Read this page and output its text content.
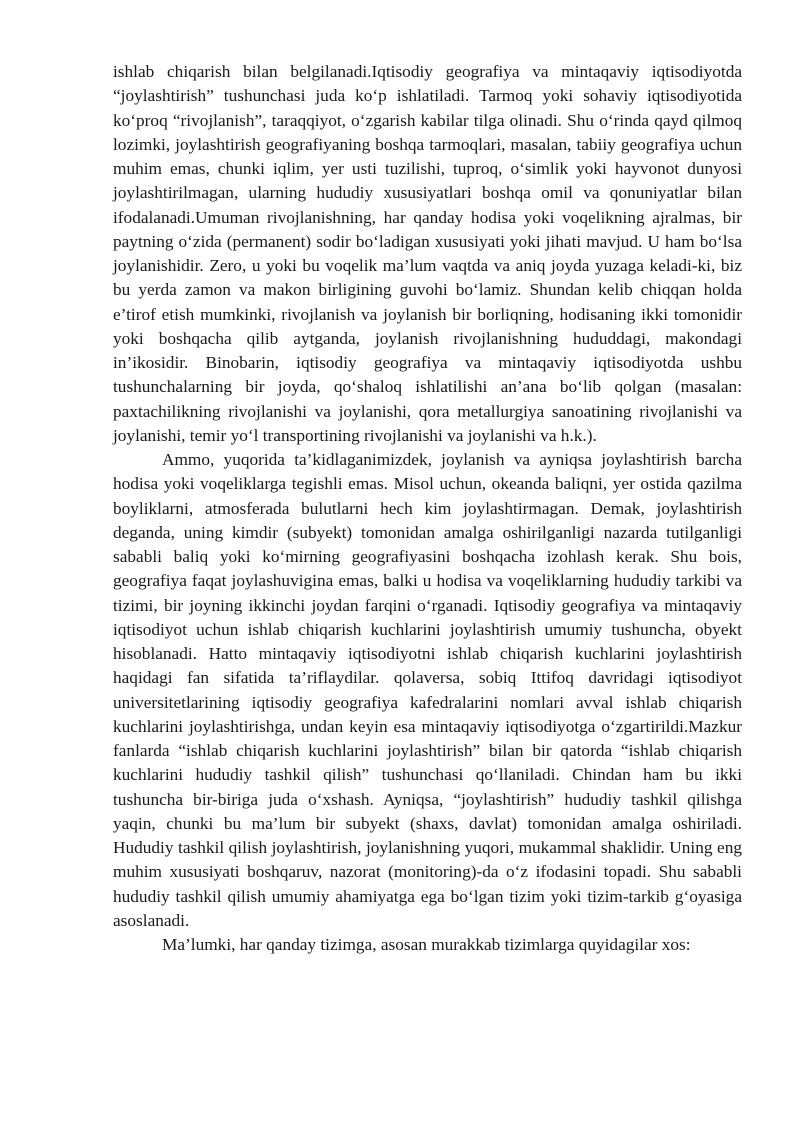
ishlab chiqarish bilan belgilanadi.Iqtisodiy geografiya va mintaqaviy iqtisodiyotda “joylashtirish” tushunchasi juda ko‘p ishlatiladi. Tarmoq yoki sohaviy iqtisodiyotida ko‘proq “rivojlanish”, taraqqiyot, o‘zgarish kabilar tilga olinadi. Shu o‘rinda qayd qilmoq lozimki, joylashtirish geografiyaning boshqa tarmoqlari, masalan, tabiiy geografiya uchun muhim emas, chunki iqlim, yer usti tuzilishi, tuproq, o‘simlik yoki hayvonot dunyosi joylashtirilmagan, ularning hududiy xususiyatlari boshqa omil va qonuniyatlar bilan ifodalanadi.Umuman rivojlanishning, har qanday hodisa yoki voqelikning ajralmas, bir paytning o‘zida (permanent) sodir bo‘ladigan xususiyati yoki jihati mavjud. U ham bo‘lsa joylanishidir. Zero, u yoki bu voqelik ma’lum vaqtda va aniq joyda yuzaga keladi-ki, biz bu yerda zamon va makon birligining guvohi bo‘lamiz. Shundan kelib chiqqan holda e’tirof etish mumkinki, rivojlanish va joylanish bir borliqning, hodisaning ikki tomonidir yoki boshqacha qilib aytganda, joylanish rivojlanishning hududdagi, makondagi in’ikosidir. Binobarin, iqtisodiy geografiya va mintaqaviy iqtisodiyotda ushbu tushunchalarning bir joyda, qo‘shaloq ishlatilishi an’ana bo‘lib qolgan (masalan: paxtachilikning rivojlanishi va joylanishi, qora metallurgiya sanoatining rivojlanishi va joylanishi, temir yo‘l transportining rivojlanishi va joylanishi va h.k.).

Ammo, yuqorida ta’kidlaganimizdek, joylanish va ayniqsa joylashtirish barcha hodisa yoki voqeliklarga tegishli emas. Misol uchun, okeanda baliqni, yer ostida qazilma boyliklarni, atmosferada bulutlarni hech kim joylashtirmagan. Demak, joylashtirish deganda, uning kimdir (subyekt) tomonidan amalga oshirilganligi nazarda tutilganligi sababli baliq yoki ko‘mirning geografiyasini boshqacha izohlash kerak. Shu bois, geografiya faqat joylashuvigina emas, balki u hodisa va voqeliklarning hududiy tarkibi va tizimi, bir joyning ikkinchi joydan farqini o‘rganadi. Iqtisodiy geografiya va mintaqaviy iqtisodiyot uchun ishlab chiqarish kuchlarini joylashtirish umumiy tushuncha, obyekt hisoblanadi. Hatto mintaqaviy iqtisodiyotni ishlab chiqarish kuchlarini joylashtirish haqidagi fan sifatida ta’riflaydilar. qolaversa, sobiq Ittifoq davridagi iqtisodiyot universitetlarining iqtisodiy geografiya kafedralarini nomlari avval ishlab chiqarish kuchlarini joylashtirishga, undan keyin esa mintaqaviy iqtisodiyotga o‘zgartirildi.Mazkur fanlarda “ishlab chiqarish kuchlarini joylashtirish” bilan bir qatorda “ishlab chiqarish kuchlarini hududiy tashkil qilish” tushunchasi qo‘llaniladi. Chindan ham bu ikki tushuncha bir-biriga juda o‘xshash. Ayniqsa, “joylashtirish” hududiy tashkil qilishga yaqin, chunki bu ma’lum bir subyekt (shaxs, davlat) tomonidan amalga oshiriladi. Hududiy tashkil qilish joylashtirish, joylanishning yuqori, mukammal shaklidir. Uning eng muhim xususiyati boshqaruv, nazorat (monitoring)-da o‘z ifodasini topadi. Shu sababli hududiy tashkil qilish umumiy ahamiyatga ega bo‘lgan tizim yoki tizim-tarkib g‘oyasiga asoslanadi.

Ma’lumki, har qanday tizimga, asosan murakkab tizimlarga quyidagilar xos:
